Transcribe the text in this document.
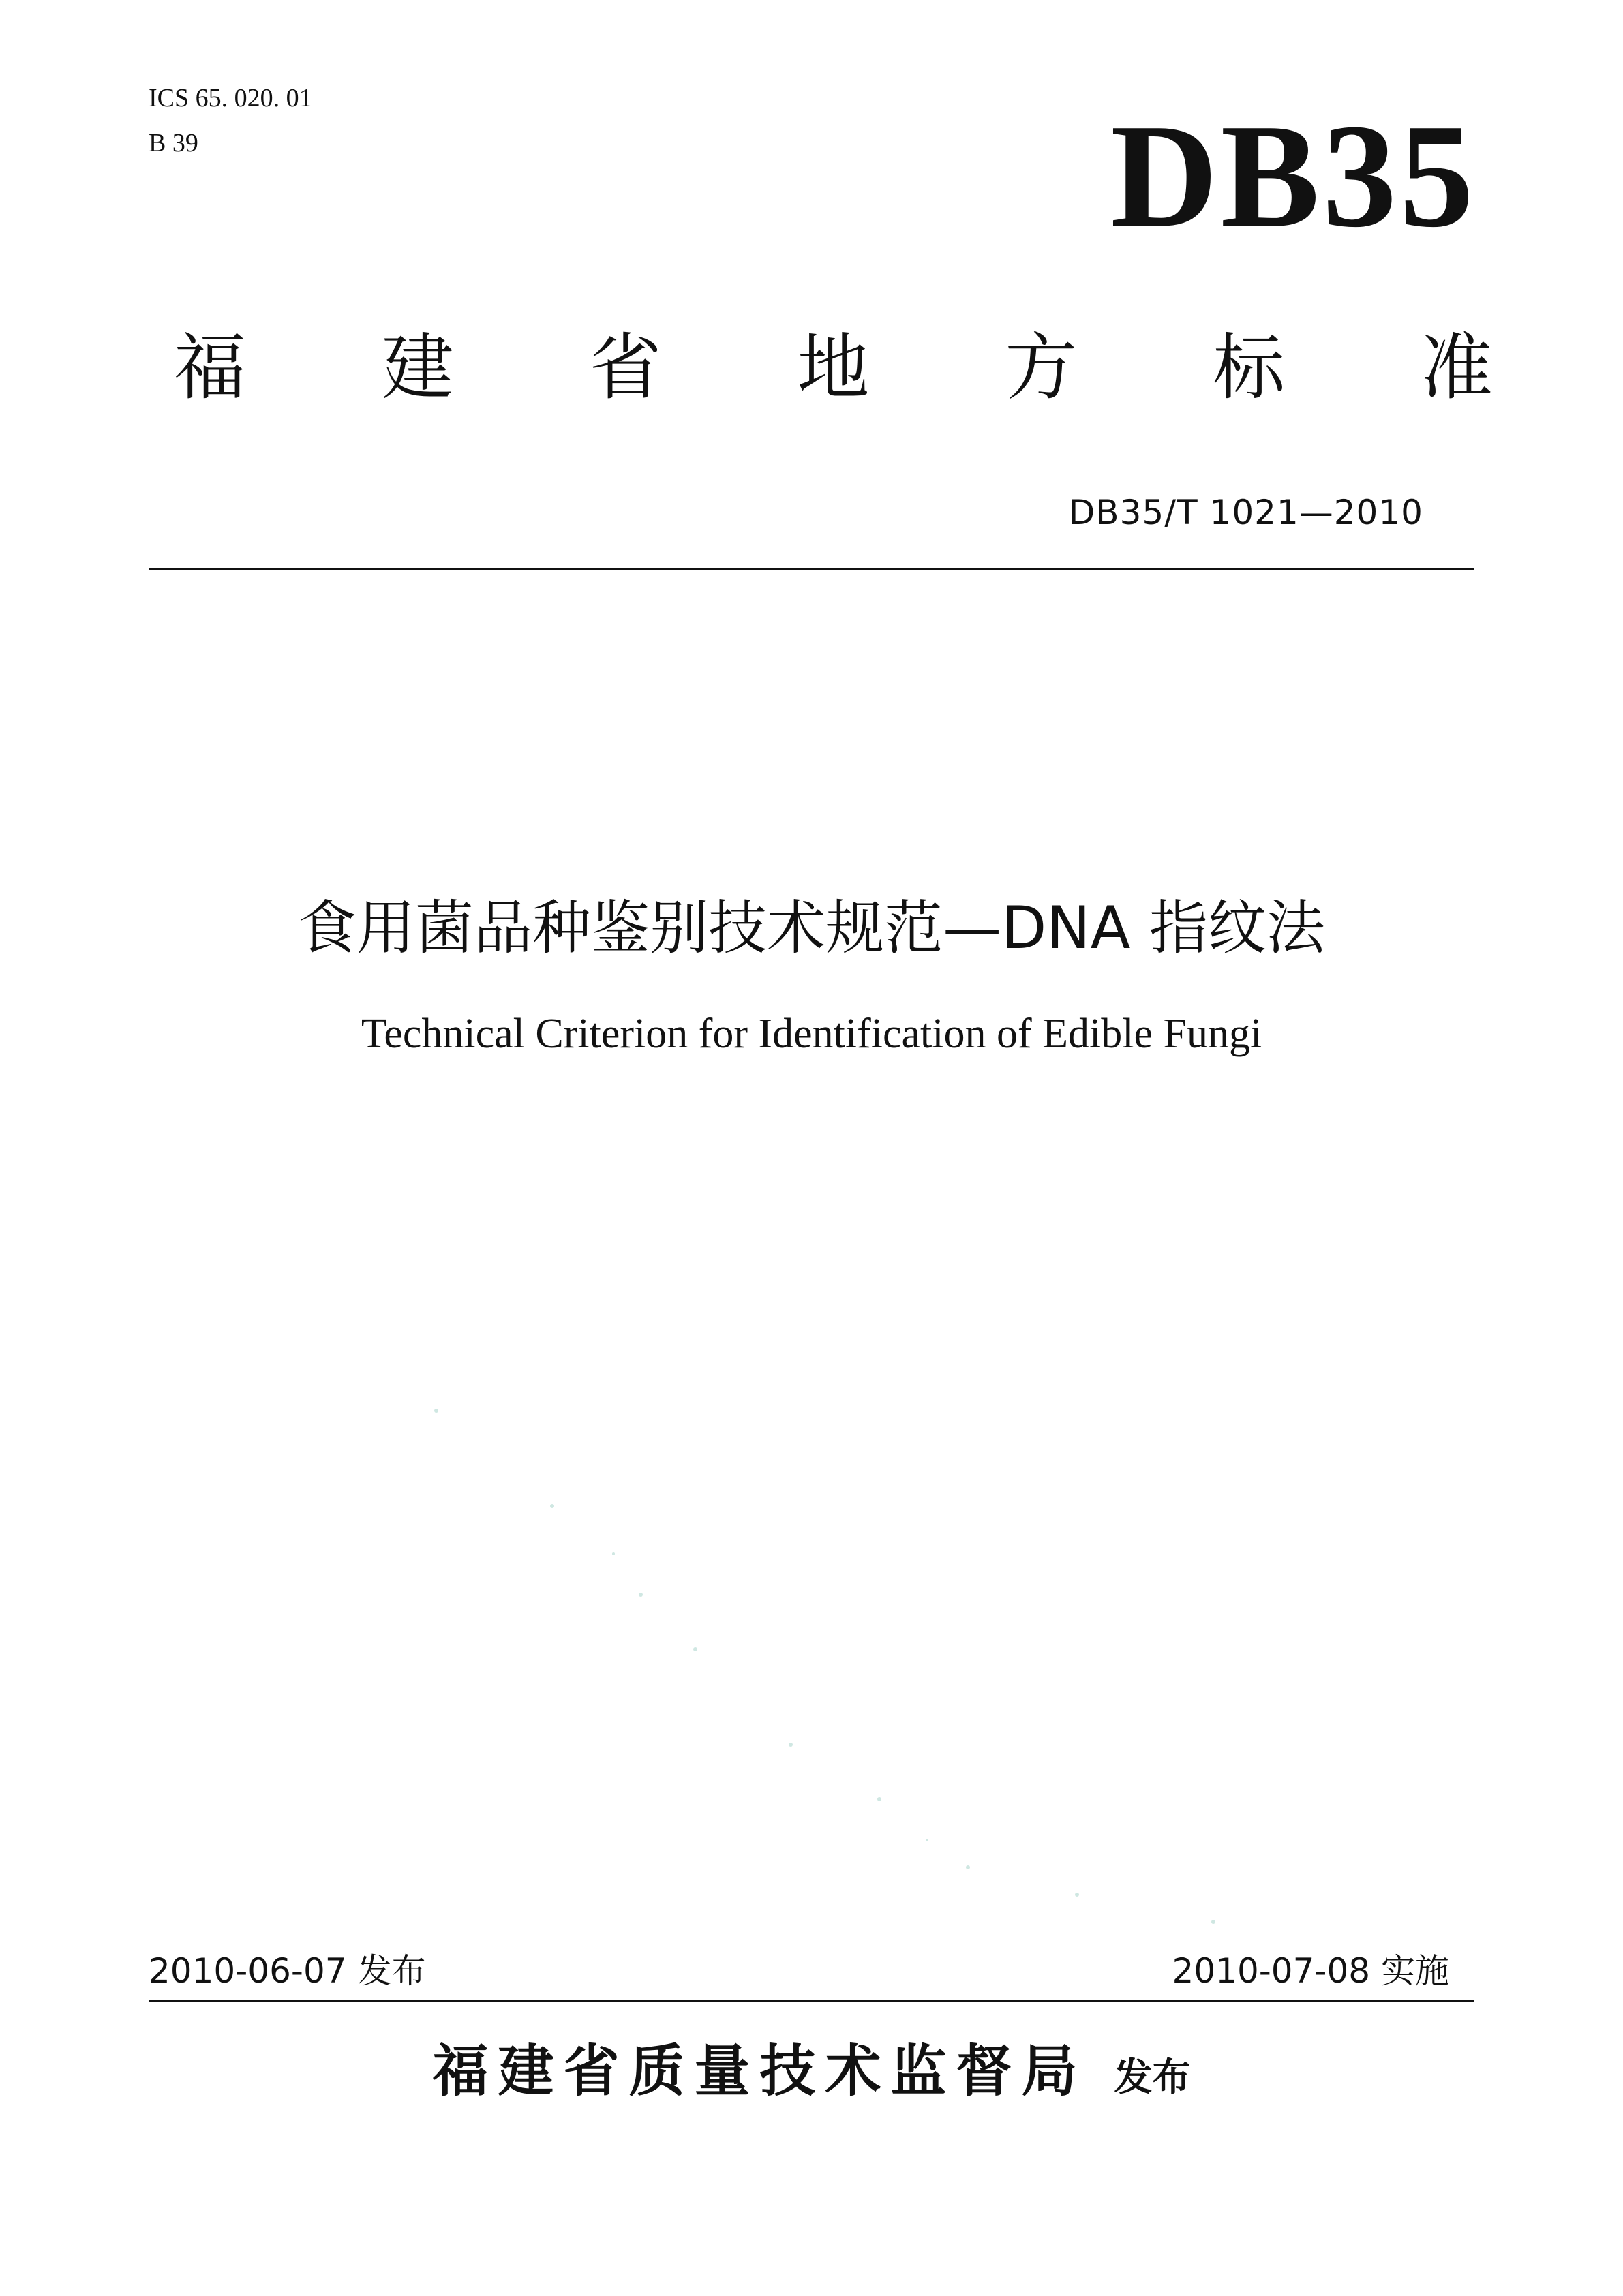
ICS 65. 020. 01
B 39	DB35
福 建 省 地 方 标 准
DB35/T 1021—2010
食用菌品种鉴别技术规范—DNA 指纹法
Technical Criterion for Identification of Edible Fungi
2010-06-07 发布	2010-07-08 实施
福建省质量技术监督局 发布
